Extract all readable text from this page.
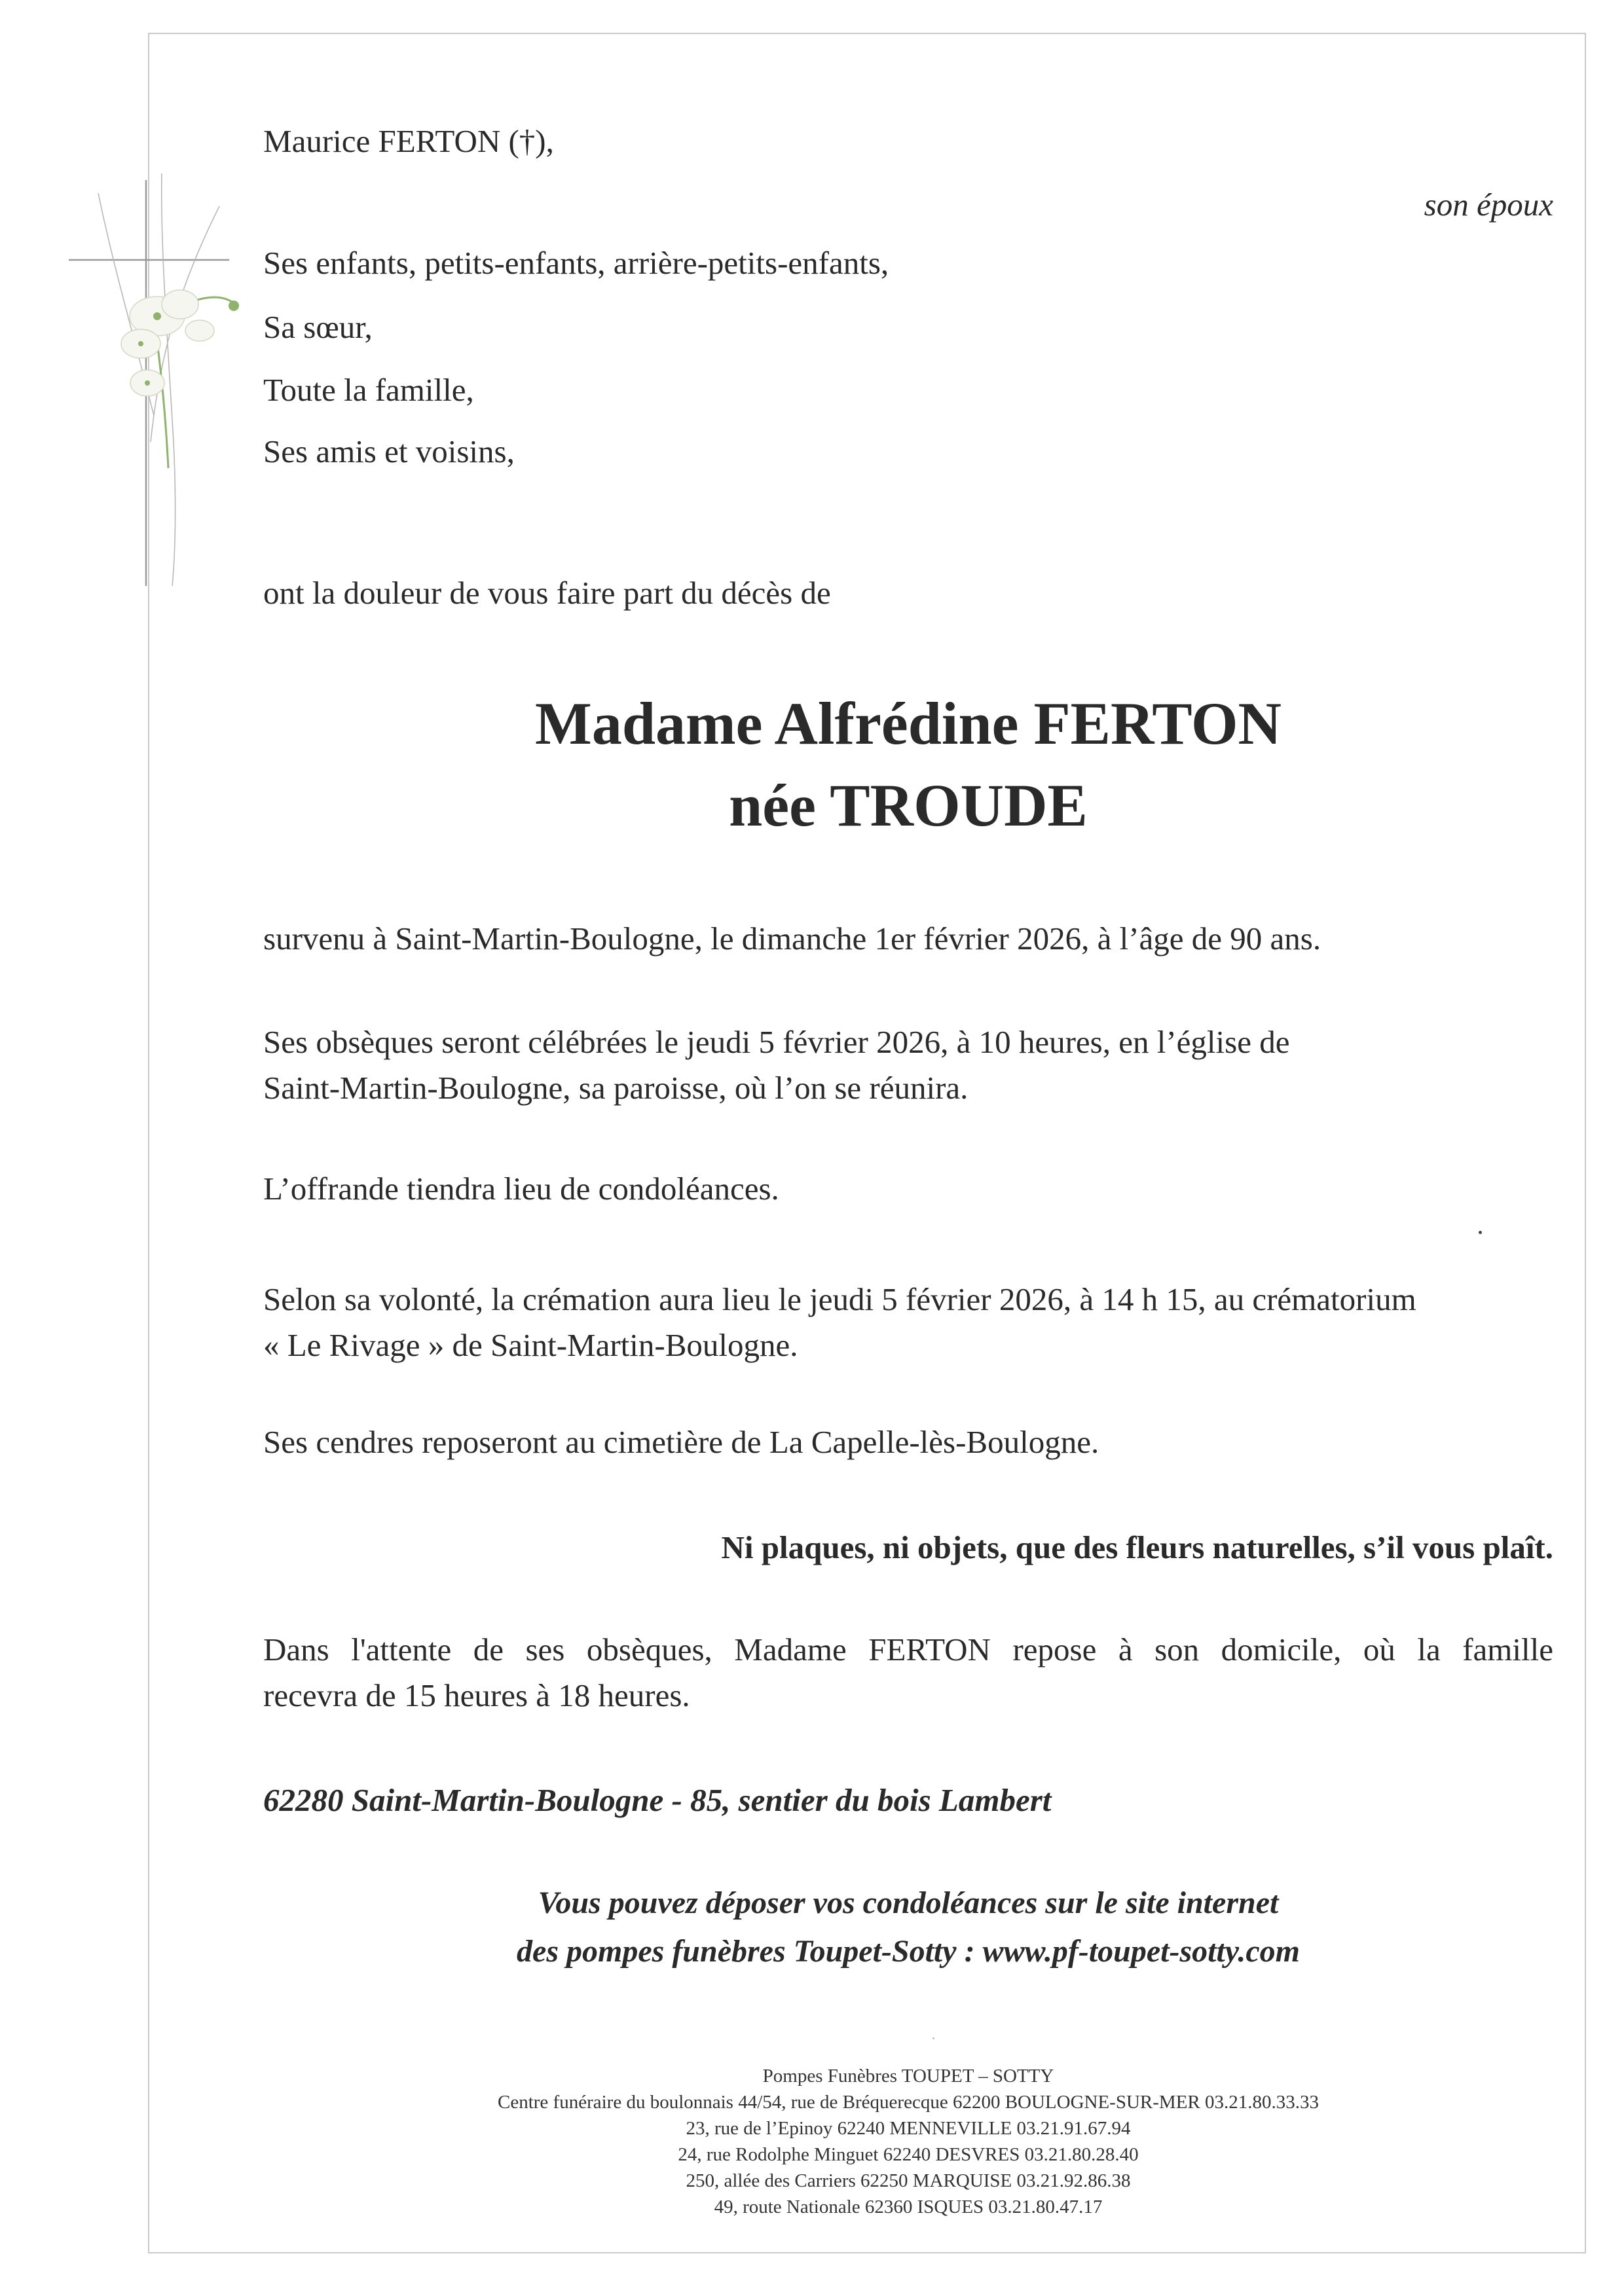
Maurice FERTON (†),
son époux
Ses enfants, petits-enfants, arrière-petits-enfants,
Sa sœur,
Toute la famille,
Ses amis et voisins,
ont la douleur de vous faire part du décès de
Madame Alfrédine FERTON
née TROUDE
survenu à Saint-Martin-Boulogne, le dimanche 1er février 2026, à l’âge de 90 ans.
Ses obsèques seront célébrées le jeudi 5 février 2026, à 10 heures, en l’église de
Saint-Martin-Boulogne, sa paroisse, où l’on se réunira.
L’offrande tiendra lieu de condoléances.
Selon sa volonté, la crémation aura lieu le jeudi 5 février 2026, à 14 h 15, au crématorium
« Le Rivage » de Saint-Martin-Boulogne.
Ses cendres reposeront au cimetière de La Capelle-lès-Boulogne.
Ni plaques, ni objets, que des fleurs naturelles, s’il vous plaît.
Dans l'attente de ses obsèques, Madame FERTON repose à son domicile, où la famille
recevra de 15 heures à 18 heures.
62280 Saint-Martin-Boulogne - 85, sentier du bois Lambert
Vous pouvez déposer vos condoléances sur le site internet
des pompes funèbres Toupet-Sotty : www.pf-toupet-sotty.com
Pompes Funèbres TOUPET – SOTTY
Centre funéraire du boulonnais 44/54, rue de Bréquerecque 62200 BOULOGNE-SUR-MER 03.21.80.33.33
23, rue de l’Epinoy 62240 MENNEVILLE 03.21.91.67.94
24, rue Rodolphe Minguet 62240 DESVRES 03.21.80.28.40
250, allée des Carriers 62250 MARQUISE 03.21.92.86.38
49, route Nationale 62360 ISQUES 03.21.80.47.17
